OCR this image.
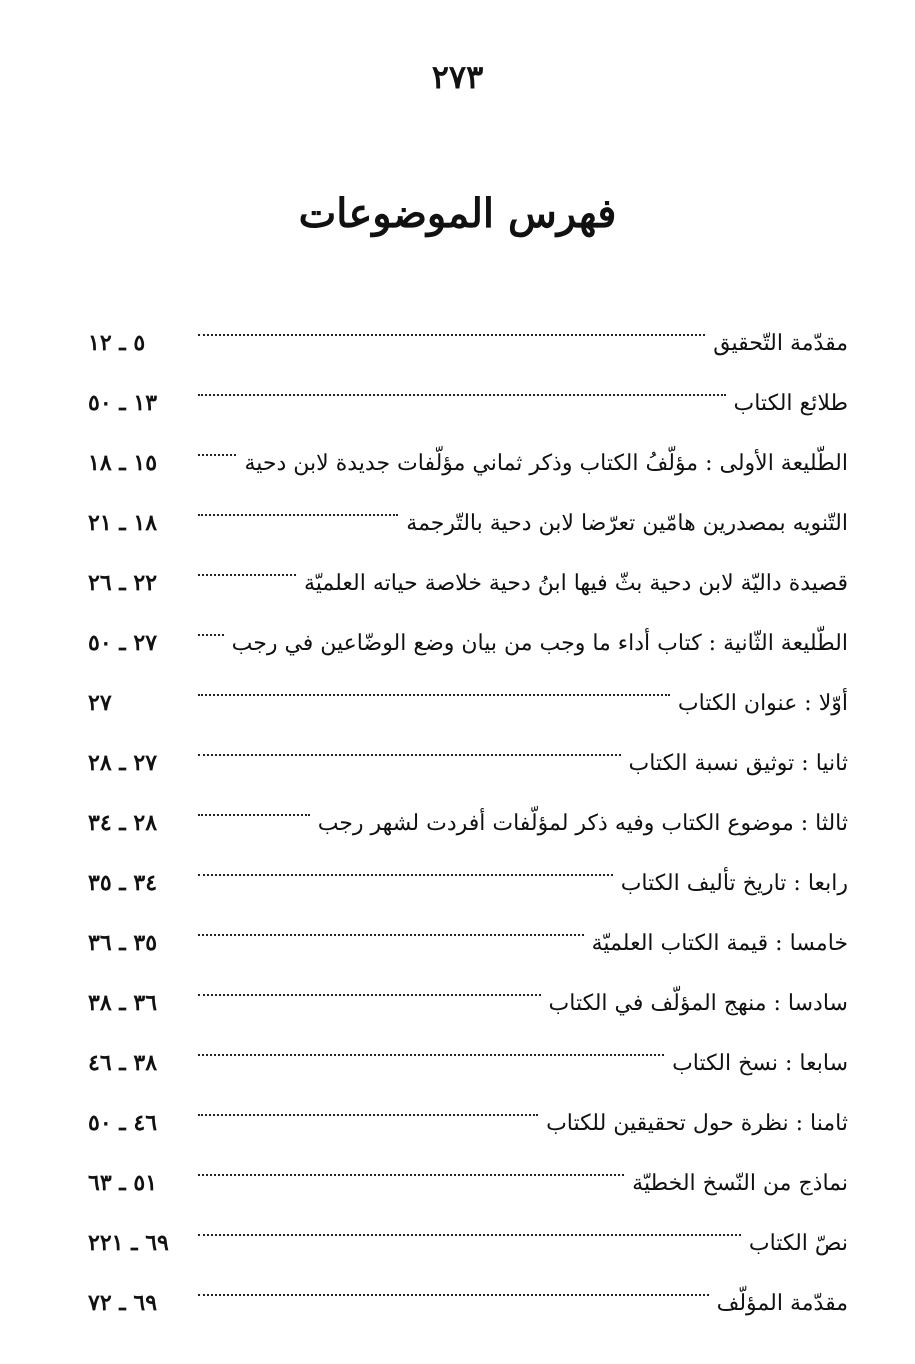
٢٧٣
فهرس الموضوعات
مقدّمة التّحقيق
٥ ـ ١٢
طلائع الكتاب
١٣ ـ ٥٠
الطّليعة الأولى : مؤلّفُ الكتاب وذكر ثماني مؤلّفات جديدة لابن دحية
١٥ ـ ١٨
التّنويه بمصدرين هامّين تعرّضا لابن دحية بالتّرجمة
١٨ ـ ٢١
قصيدة داليّة لابن دحية بثّ فيها ابنُ دحية خلاصة حياته العلميّة
٢٢ ـ ٢٦
الطّليعة الثّانية : كتاب أداء ما وجب من بيان وضع الوضّاعين في رجب
٢٧ ـ ٥٠
أوّلا : عنوان الكتاب
٢٧
ثانيا : توثيق نسبة الكتاب
٢٧ ـ ٢٨
ثالثا : موضوع الكتاب وفيه ذكر لمؤلّفات أفردت لشهر رجب
٢٨ ـ ٣٤
رابعا : تاريخ تأليف الكتاب
٣٤ ـ ٣٥
خامسا : قيمة الكتاب العلميّة
٣٥ ـ ٣٦
سادسا : منهج المؤلّف في الكتاب
٣٦ ـ ٣٨
سابعا : نسخ الكتاب
٣٨ ـ ٤٦
ثامنا : نظرة حول تحقيقين للكتاب
٤٦ ـ ٥٠
نماذج من النّسخ الخطيّة
٥١ ـ ٦٣
نصّ الكتاب
٦٩ ـ ٢٢١
مقدّمة المؤلّف
٦٩ ـ ٧٢
